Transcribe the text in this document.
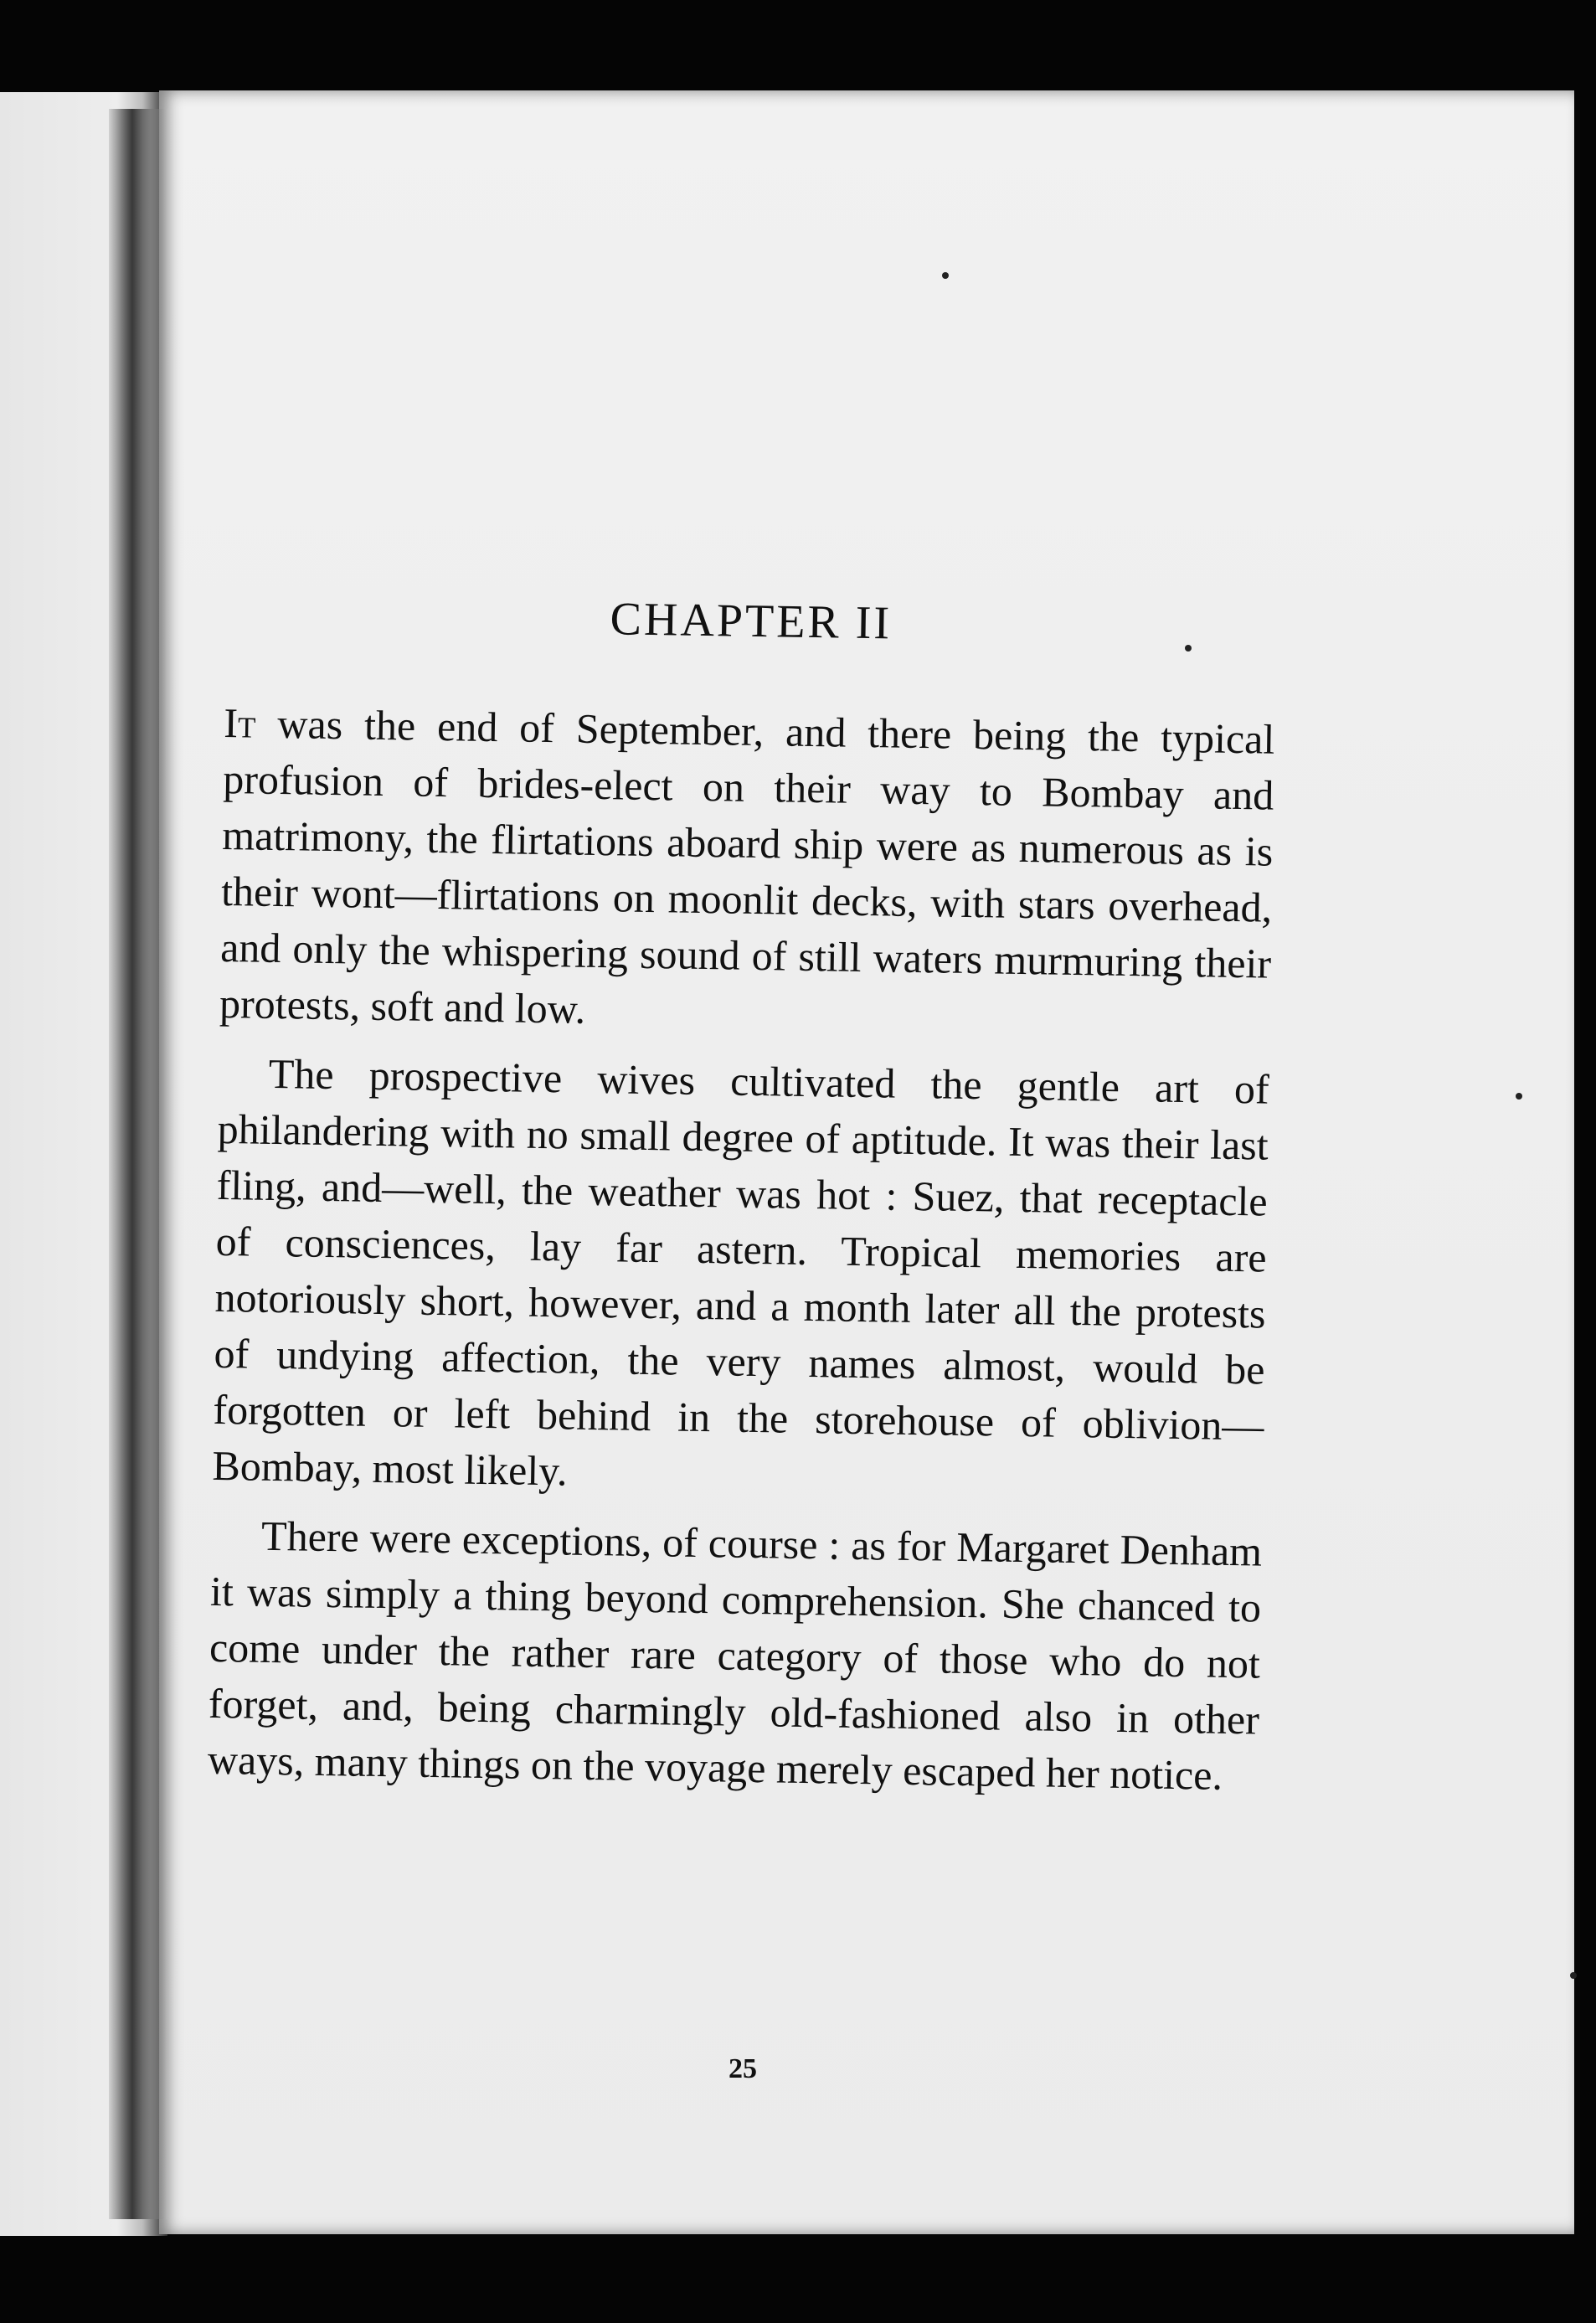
CHAPTER II

It was the end of September, and there being the typical profusion of brides-elect on their way to Bombay and matrimony, the flirtations aboard ship were as numerous as is their wont—flirtations on moonlit decks, with stars overhead, and only the whispering sound of still waters murmuring their protests, soft and low.

The prospective wives cultivated the gentle art of philandering with no small degree of aptitude. It was their last fling, and—well, the weather was hot : Suez, that receptacle of consciences, lay far astern. Tropical memories are notoriously short, however, and a month later all the protests of undying affection, the very names almost, would be forgotten or left behind in the storehouse of oblivion—Bombay, most likely.

There were exceptions, of course : as for Margaret Denham it was simply a thing beyond comprehension. She chanced to come under the rather rare category of those who do not forget, and, being charmingly old-fashioned also in other ways, many things on the voyage merely escaped her notice.

25
